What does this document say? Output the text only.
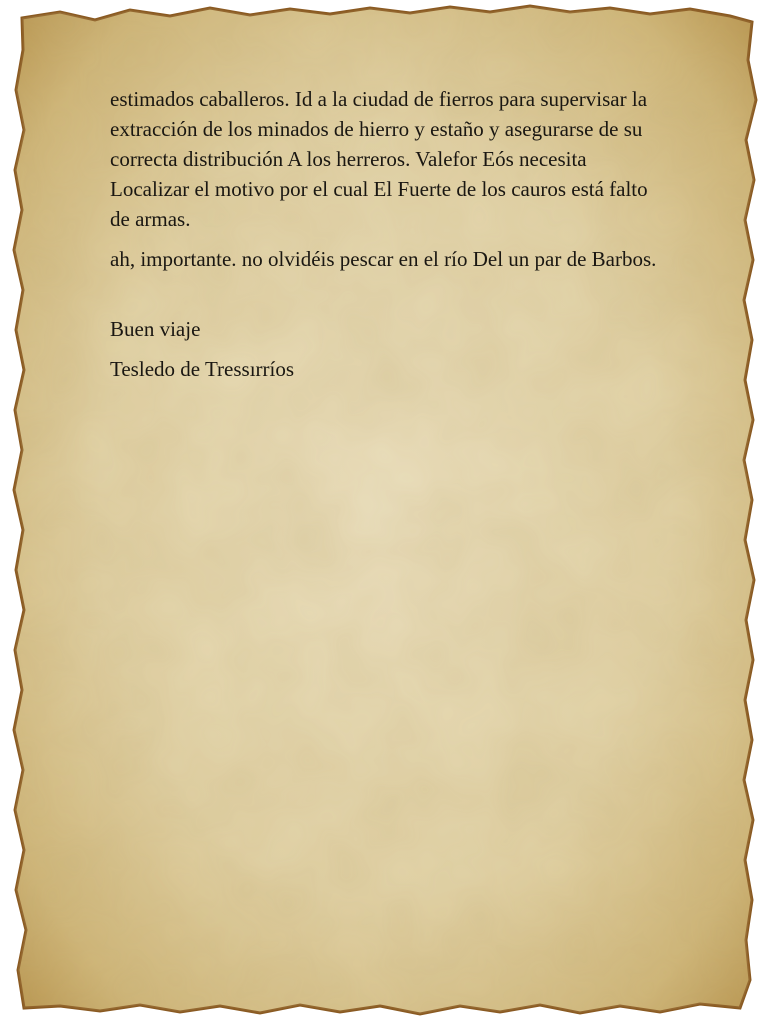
estimados caballeros. Id a la ciudad de fierros para supervisar la extracción de los minados de hierro y estaño y asegurarse de su correcta distribución A los herreros. Valefor Eós necesita Localizar el motivo por el cual El Fuerte de los cauros está falto de armas.

ah, importante. no olvidéis pescar en el río Del un par de Barbos.

Buen viaje

Tesledo de Tressırríos
